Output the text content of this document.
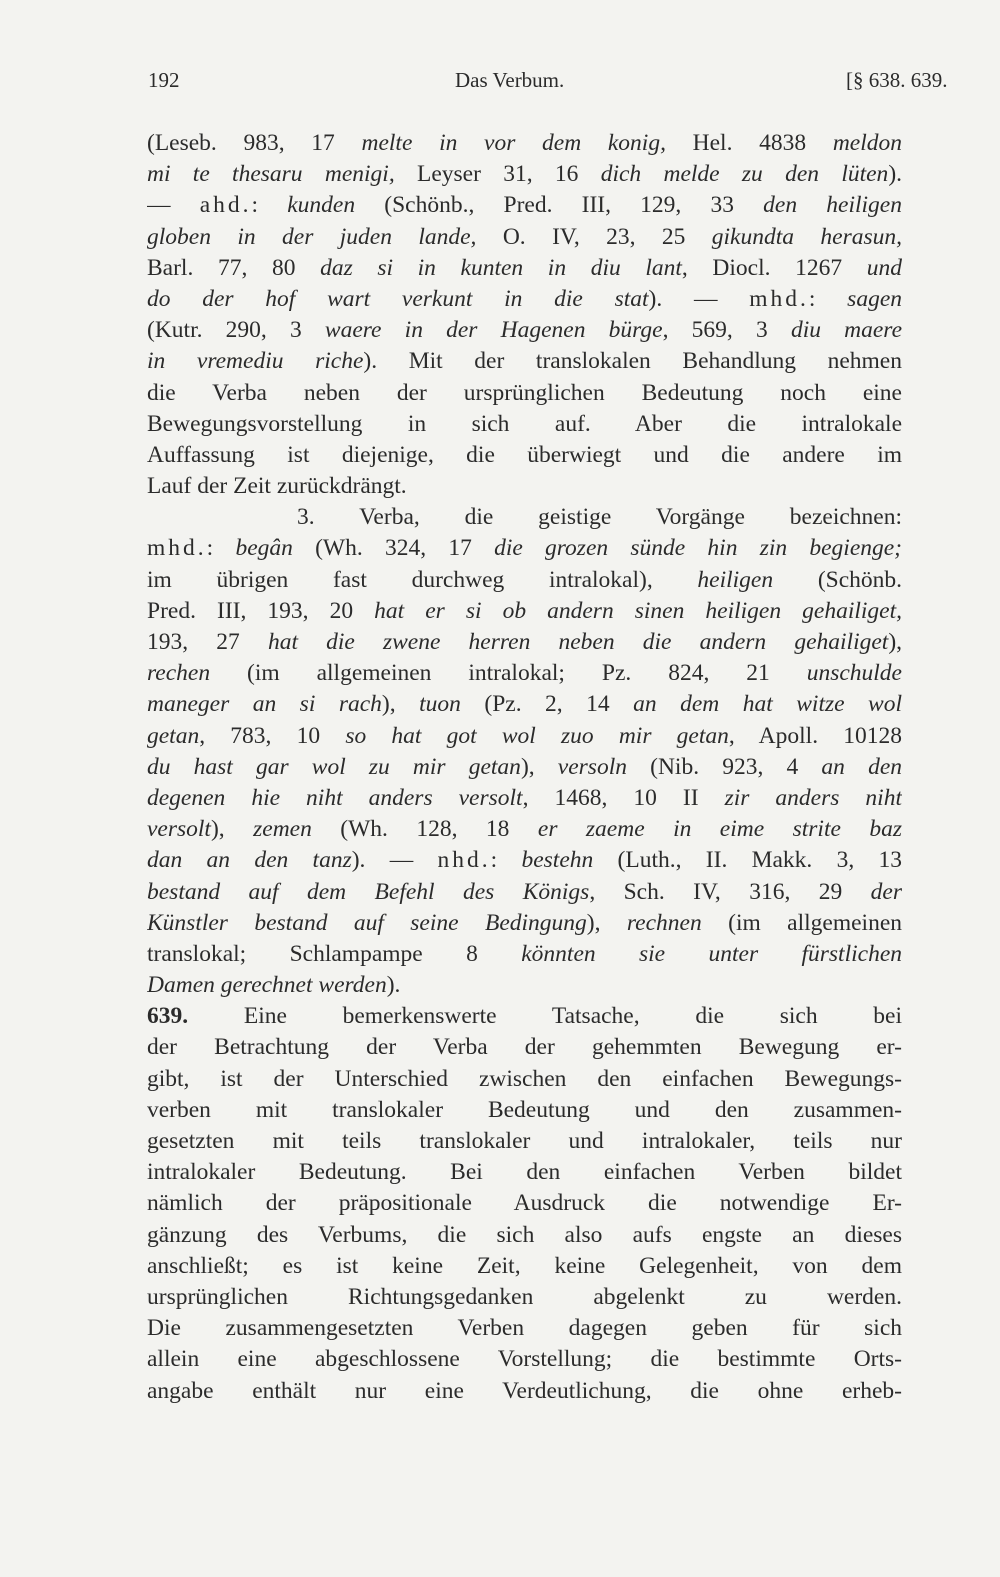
192	Das Verbum.	[§ 638. 639.
(Leseb. 983, 17 melte in vor dem konig, Hel. 4838 meldon
mi te thesaru menigi, Leyser 31, 16 dich melde zu den lüten).
— ahd.: kunden (Schönb., Pred. III, 129, 33 den heiligen
globen in der juden lande, O. IV, 23, 25 gikundta herasun,
Barl. 77, 80 daz si in kunten in diu lant, Diocl. 1267 und
do der hof wart verkunt in die stat). — mhd.: sagen
(Kutr. 290, 3 waere in der Hagenen bürge, 569, 3 diu maere
in vremediu riche). Mit der translokalen Behandlung nehmen
die Verba neben der ursprünglichen Bedeutung noch eine
Bewegungsvorstellung in sich auf. Aber die intralokale
Auffassung ist diejenige, die überwiegt und die andere im
Lauf der Zeit zurückdrängt.
3. Verba, die geistige Vorgänge bezeichnen:
mhd.: begân (Wh. 324, 17 die grozen sünde hin zin begienge;
im übrigen fast durchweg intralokal), heiligen (Schönb.
Pred. III, 193, 20 hat er si ob andern sinen heiligen gehailiget,
193, 27 hat die zwene herren neben die andern gehailiget),
rechen (im allgemeinen intralokal; Pz. 824, 21 unschulde
maneger an si rach), tuon (Pz. 2, 14 an dem hat witze wol
getan, 783, 10 so hat got wol zuo mir getan, Apoll. 10128
du hast gar wol zu mir getan), versoln (Nib. 923, 4 an den
degenen hie niht anders versolt, 1468, 10 II zir anders niht
versolt), zemen (Wh. 128, 18 er zaeme in eime strite baz
dan an den tanz). — nhd.: bestehn (Luth., II. Makk. 3, 13
bestand auf dem Befehl des Königs, Sch. IV, 316, 29 der
Künstler bestand auf seine Bedingung), rechnen (im allgemeinen
translokal; Schlampampe 8 könnten sie unter fürstlichen
Damen gerechnet werden).
639. Eine bemerkenswerte Tatsache, die sich bei
der Betrachtung der Verba der gehemmten Bewegung er-
gibt, ist der Unterschied zwischen den einfachen Bewegungs-
verben mit translokaler Bedeutung und den zusammen-
gesetzten mit teils translokaler und intralokaler, teils nur
intralokaler Bedeutung. Bei den einfachen Verben bildet
nämlich der präpositionale Ausdruck die notwendige Er-
gänzung des Verbums, die sich also aufs engste an dieses
anschließt; es ist keine Zeit, keine Gelegenheit, von dem
ursprünglichen Richtungsgedanken abgelenkt zu werden.
Die zusammengesetzten Verben dagegen geben für sich
allein eine abgeschlossene Vorstellung; die bestimmte Orts-
angabe enthält nur eine Verdeutlichung, die ohne erheb-
